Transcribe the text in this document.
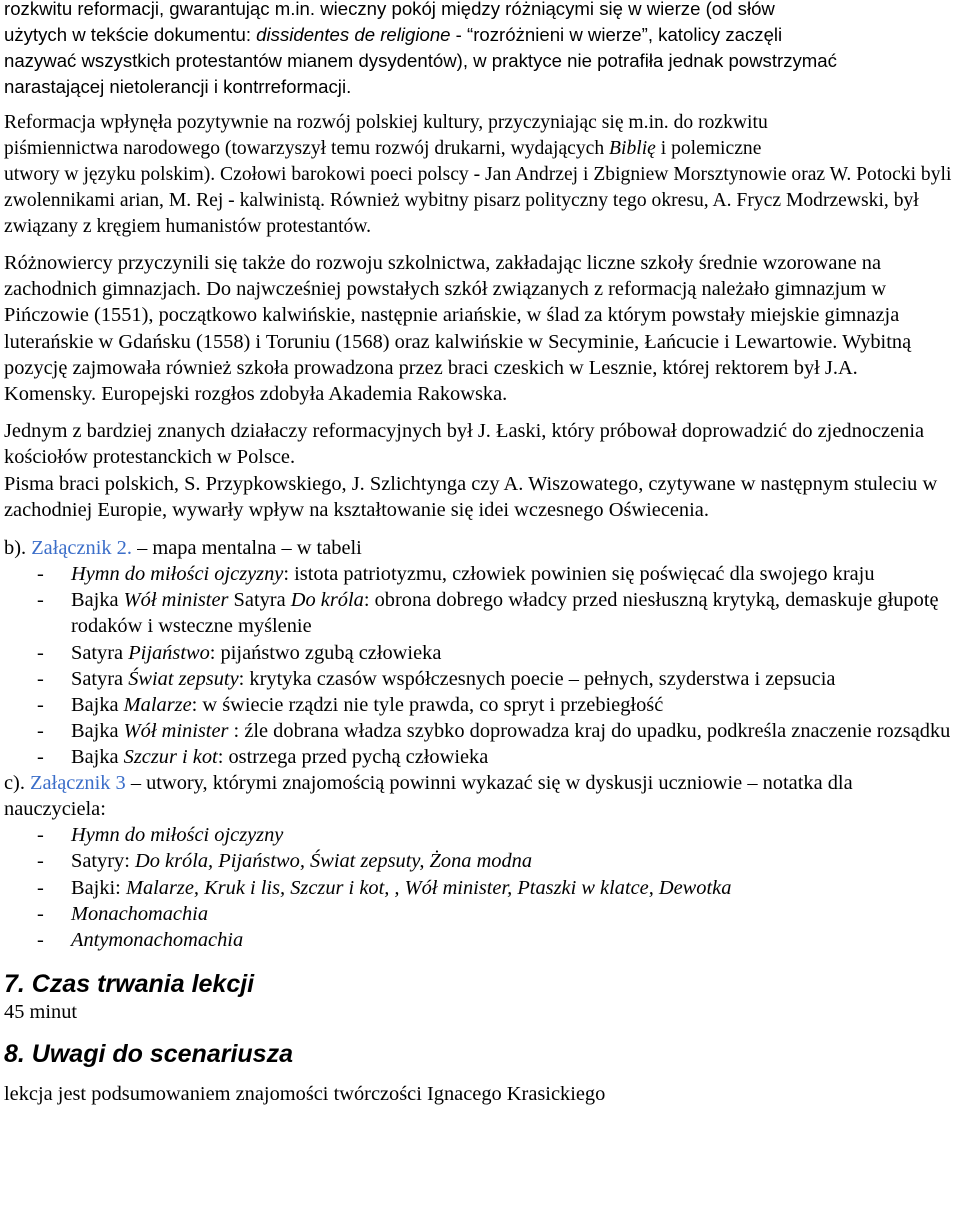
rozkwitu reformacji, gwarantując m.in. wieczny pokój między różniącymi się w wierze (od słów

użytych w tekście dokumentu: dissidentes de religione - “rozróżnieni w wierze”, katolicy zaczęli

nazywać wszystkich protestantów mianem dysydentów), w praktyce nie potrafiła jednak powstrzymać

narastającej nietolerancji i kontrreformacji.

Reformacja wpłynęła pozytywnie na rozwój polskiej kultury, przyczyniając się m.in. do rozkwitu

piśmiennictwa narodowego (towarzyszył temu rozwój drukarni, wydających Biblię i polemiczne

utwory w języku polskim). Czołowi barokowi poeci polscy - Jan Andrzej i Zbigniew Morsztynowie oraz W. Potocki byli zwolennikami arian, M. Rej - kalwinistą. Również wybitny pisarz polityczny tego okresu, A. Frycz Modrzewski, był związany z kręgiem humanistów protestantów.

Różnowiercy przyczynili się także do rozwoju szkolnictwa, zakładając liczne szkoły średnie wzorowane na zachodnich gimnazjach. Do najwcześniej powstałych szkół związanych z reformacją należało gimnazjum w Pińczowie (1551), początkowo kalwińskie, następnie ariańskie, w ślad za którym powstały miejskie gimnazja luterańskie w Gdańsku (1558) i Toruniu (1568) oraz kalwińskie w Secyminie, Łańcucie i Lewartowie. Wybitną pozycję zajmowała również szkoła prowadzona przez braci czeskich w Lesznie, której rektorem był J.A. Komensky. Europejski rozgłos zdobyła Akademia Rakowska.

Jednym z bardziej znanych działaczy reformacyjnych był J. Łaski, który próbował doprowadzić do zjednoczenia kościołów protestanckich w Polsce.

Pisma braci polskich, S. Przypkowskiego, J. Szlichtynga czy A. Wiszowatego, czytywane w następnym stuleciu w zachodniej Europie, wywarły wpływ na kształtowanie się idei wczesnego Oświecenia.

b). Załącznik 2. – mapa mentalna – w tabeli

- Hymn do miłości ojczyzny: istota patriotyzmu, człowiek powinien się poświęcać dla swojego kraju
- Bajka Wół minister Satyra Do króla: obrona dobrego władcy przed niesłuszną krytyką, demaskuje głupotę rodaków i wsteczne myślenie
- Satyra Pijaństwo: pijaństwo zgubą człowieka
- Satyra Świat zepsuty: krytyka czasów współczesnych poecie – pełnych, szyderstwa i zepsucia
- Bajka Malarze: w świecie rządzi nie tyle prawda, co spryt i przebiegłość
- Bajka Wół minister : źle dobrana władza szybko doprowadza kraj do upadku, podkreśla znaczenie rozsądku
- Bajka Szczur i kot: ostrzega przed pychą człowieka

c). Załącznik 3 – utwory, którymi znajomością powinni wykazać się w dyskusji uczniowie – notatka dla nauczyciela:

- Hymn do miłości ojczyzny
- Satyry: Do króla, Pijaństwo, Świat zepsuty, Żona modna
- Bajki: Malarze, Kruk i lis, Szczur i kot, , Wół minister, Ptaszki w klatce, Dewotka
- Monachomachia
- Antymonachomachia
7. Czas trwania lekcji

45 minut

8. Uwagi do scenariusza

lekcja jest podsumowaniem znajomości twórczości Ignacego Krasickiego
